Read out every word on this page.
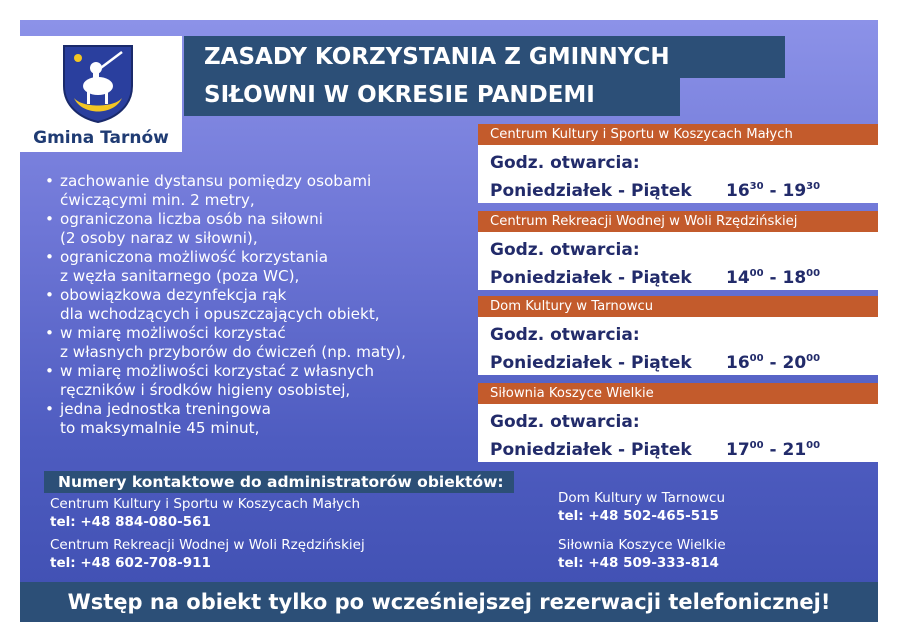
Gmina Tarnów
ZASADY KORZYSTANIA Z GMINNYCH
SIŁOWNI W OKRESIE PANDEMI
• zachowanie dystansu pomiędzy osobami
ćwiczącymi min. 2 metry,
• ograniczona liczba osób na siłowni
(2 osoby naraz w siłowni),
• ograniczona możliwość korzystania
z węzła sanitarnego (poza WC),
• obowiązkowa dezynfekcja rąk
dla wchodzących i opuszczających obiekt,
• w miarę możliwości korzystać
z własnych przyborów do ćwiczeń (np. maty),
• w miarę możliwości korzystać z własnych
ręczników i środków higieny osobistej,
• jedna jednostka treningowa
to maksymalnie 45 minut,
Centrum Kultury i Sportu w Koszycach Małych
Godz. otwarcia:
Poniedziałek - Piątek $16^{30} - 19^{30}$
Centrum Rekreacji Wodnej w Woli Rzędzińskiej
Godz. otwarcia:
Poniedziałek - Piątek $14^{00} - 18^{00}$
Dom Kultury w Tarnowcu
Godz. otwarcia:
Poniedziałek - Piątek $16^{00} - 20^{00}$
Siłownia Koszyce Wielkie
Godz. otwarcia:
Poniedziałek - Piątek $17^{00} - 21^{00}$
Numery kontaktowe do administratorów obiektów:
Centrum Kultury i Sportu w Koszycach Małych
tel: +48 884-080-561
Centrum Rekreacji Wodnej w Woli Rzędzińskiej
tel: +48 602-708-911
Dom Kultury w Tarnowcu
tel: +48 502-465-515
Siłownia Koszyce Wielkie
tel: +48 509-333-814
Wstęp na obiekt tylko po wcześniejszej rezerwacji telefonicznej!
